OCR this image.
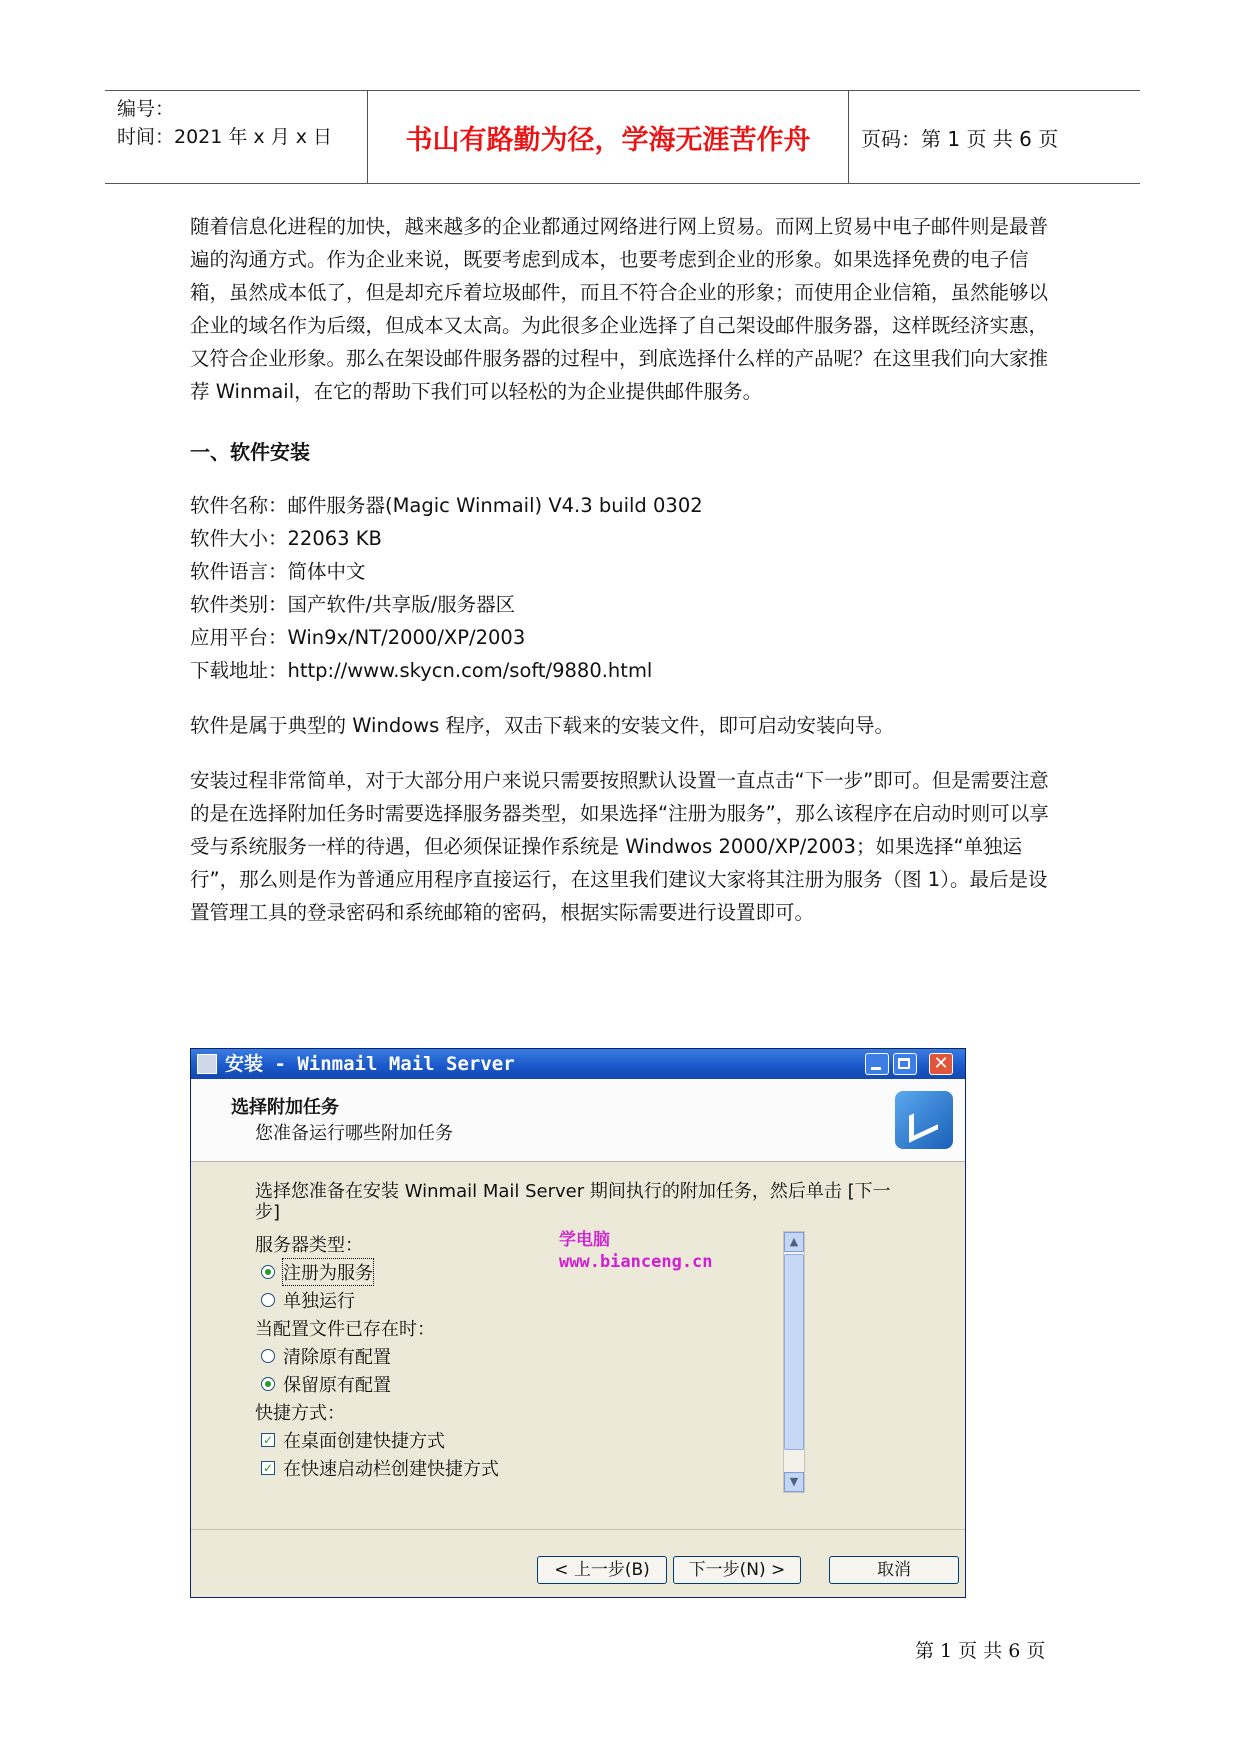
编号：
时间：2021 年 x 月 x 日	书山有路勤为径，学海无涯苦作舟	页码：第 1 页 共 6 页

随着信息化进程的加快，越来越多的企业都通过网络进行网上贸易。而网上贸易中电子邮件则是最普遍的沟通方式。作为企业来说，既要考虑到成本，也要考虑到企业的形象。如果选择免费的电子信箱，虽然成本低了，但是却充斥着垃圾邮件，而且不符合企业的形象；而使用企业信箱，虽然能够以企业的域名作为后缀，但成本又太高。为此很多企业选择了自己架设邮件服务器，这样既经济实惠，又符合企业形象。那么在架设邮件服务器的过程中，到底选择什么样的产品呢？在这里我们向大家推荐 Winmail，在它的帮助下我们可以轻松的为企业提供邮件服务。

一、软件安装
软件名称：邮件服务器(Magic Winmail) V4.3 build 0302
软件大小：22063 KB
软件语言：简体中文
软件类别：国产软件/共享版/服务器区
应用平台：Win9x/NT/2000/XP/2003
下载地址：http://www.skycn.com/soft/9880.html

软件是属于典型的 Windows 程序，双击下载来的安装文件，即可启动安装向导。

安装过程非常简单，对于大部分用户来说只需要按照默认设置一直点击“下一步”即可。但是需要注意的是在选择附加任务时需要选择服务器类型，如果选择“注册为服务”，那么该程序在启动时则可以享受与系统服务一样的待遇，但必须保证操作系统是 Windwos 2000/XP/2003；如果选择“单独运行”，那么则是作为普通应用程序直接运行，在这里我们建议大家将其注册为服务（图 1）。最后是设置管理工具的登录密码和系统邮箱的密码，根据实际需要进行设置即可。

安装 - Winmail Mail Server	✕
选择附加任务
您准备运行哪些附加任务
选择您准备在安装 Winmail Mail Server 期间执行的附加任务，然后单击 [下一步]
服务器类型：
注册为服务
单独运行
当配置文件已存在时：
清除原有配置
保留原有配置
快捷方式：
✓ 在桌面创建快捷方式
✓ 在快速启动栏创建快捷方式
学电脑
www.bianceng.cn
▲
▼
< 上一步(B)	下一步(N) >	取消
第 1 页 共 6 页
